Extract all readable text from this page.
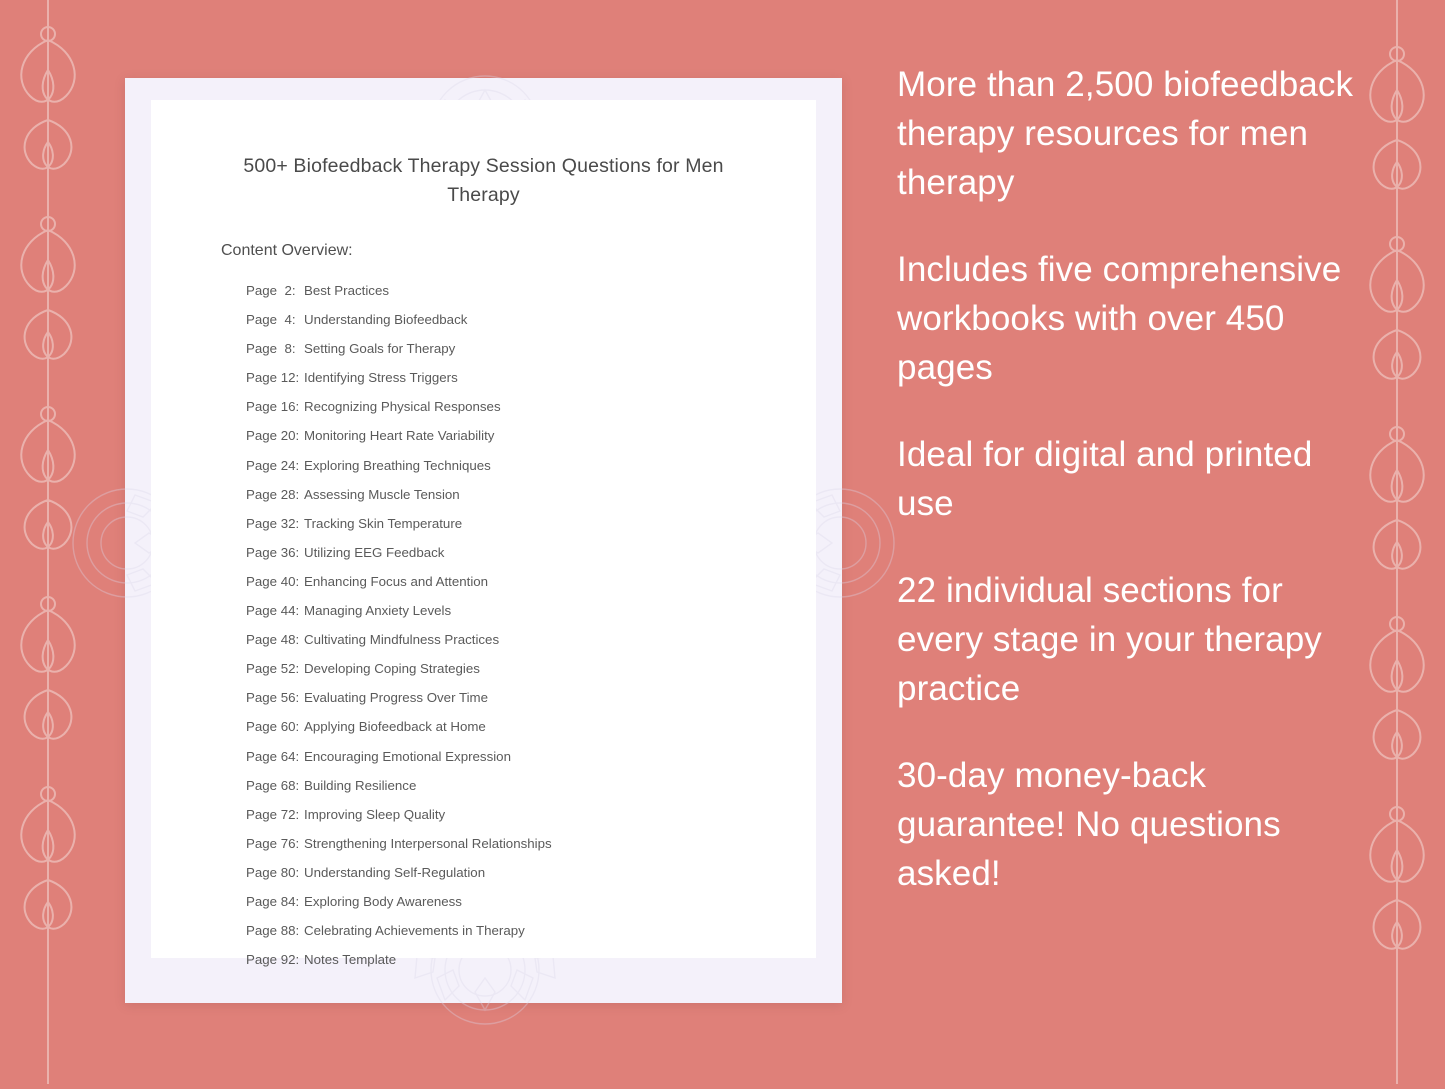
500+ Biofeedback Therapy Session Questions for Men Therapy
Content Overview:
Page  2: Best Practices
Page  4: Understanding Biofeedback
Page  8: Setting Goals for Therapy
Page 12: Identifying Stress Triggers
Page 16: Recognizing Physical Responses
Page 20: Monitoring Heart Rate Variability
Page 24: Exploring Breathing Techniques
Page 28: Assessing Muscle Tension
Page 32: Tracking Skin Temperature
Page 36: Utilizing EEG Feedback
Page 40: Enhancing Focus and Attention
Page 44: Managing Anxiety Levels
Page 48: Cultivating Mindfulness Practices
Page 52: Developing Coping Strategies
Page 56: Evaluating Progress Over Time
Page 60: Applying Biofeedback at Home
Page 64: Encouraging Emotional Expression
Page 68: Building Resilience
Page 72: Improving Sleep Quality
Page 76: Strengthening Interpersonal Relationships
Page 80: Understanding Self-Regulation
Page 84: Exploring Body Awareness
Page 88: Celebrating Achievements in Therapy
Page 92: Notes Template
More than 2,500 biofeedback therapy resources for men therapy
Includes five comprehensive workbooks with over 450 pages
Ideal for digital and printed use
22 individual sections for every stage in your therapy practice
30-day money-back guarantee! No questions asked!
